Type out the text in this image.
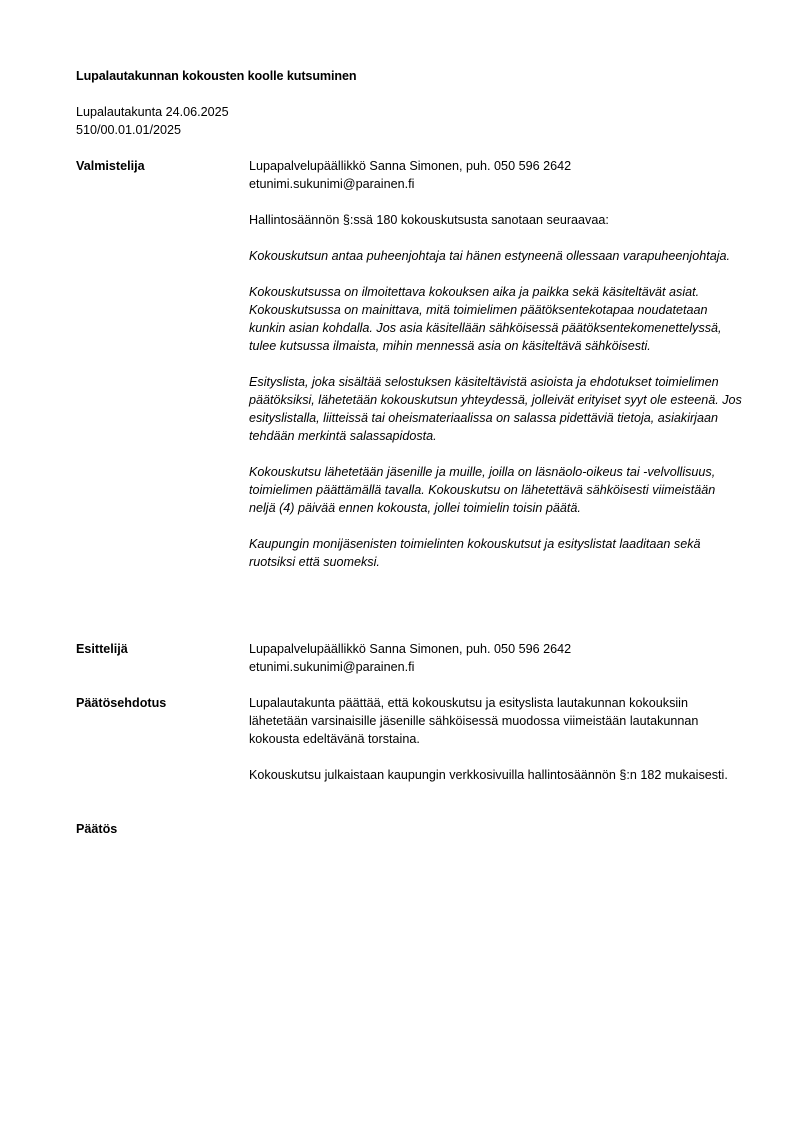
Lupalautakunnan kokousten koolle kutsuminen
Lupalautakunta 24.06.2025
510/00.01.01/2025
Valmistelija	Lupapalvelupäällikkö Sanna Simonen, puh. 050 596 2642
etunimi.sukunimi@parainen.fi

Hallintosäännön §:ssä 180 kokouskutsusta sanotaan seuraavaa:

Kokouskutsun antaa puheenjohtaja tai hänen estyneenä ollessaan varapuheenjohtaja.

Kokouskutsussa on ilmoitettava kokouksen aika ja paikka sekä käsiteltävät asiat. Kokouskutsussa on mainittava, mitä toimielimen päätöksentekotapaa noudatetaan kunkin asian kohdalla. Jos asia käsitellään sähköisessä päätöksentekomenettelyssä, tulee kutsussa ilmaista, mihin mennessä asia on käsiteltävä sähköisesti.

Esityslista, joka sisältää selostuksen käsiteltävistä asioista ja ehdotukset toimielimen päätöksiksi, lähetetään kokouskutsun yhteydessä, jolleivät erityiset syyt ole esteenä. Jos esityslistalla, liitteissä tai oheismateriaalissa on salassa pidettäviä tietoja, asiakirjaan tehdään merkintä salassapidosta.

Kokouskutsu lähetetään jäsenille ja muille, joilla on läsnäolo-oikeus tai -velvollisuus, toimielimen päättämällä tavalla. Kokouskutsu on lähetettävä sähköisesti viimeistään neljä (4) päivää ennen kokousta, jollei toimielin toisin päätä.

Kaupungin monijäsenisten toimielinten kokouskutsut ja esityslistat laaditaan sekä ruotsiksi että suomeksi.

Esittelijä	Lupapalvelupäällikkö Sanna Simonen, puh. 050 596 2642
etunimi.sukunimi@parainen.fi

Päätösehdotus	Lupalautakunta päättää, että kokouskutsu ja esityslista lautakunnan kokouksiin lähetetään varsinaisille jäsenille sähköisessä muodossa viimeistään lautakunnan kokousta edeltävänä torstaina.

Kokouskutsu julkaistaan kaupungin verkkosivuilla hallintosäännön §:n 182 mukaisesti.

Päätös
